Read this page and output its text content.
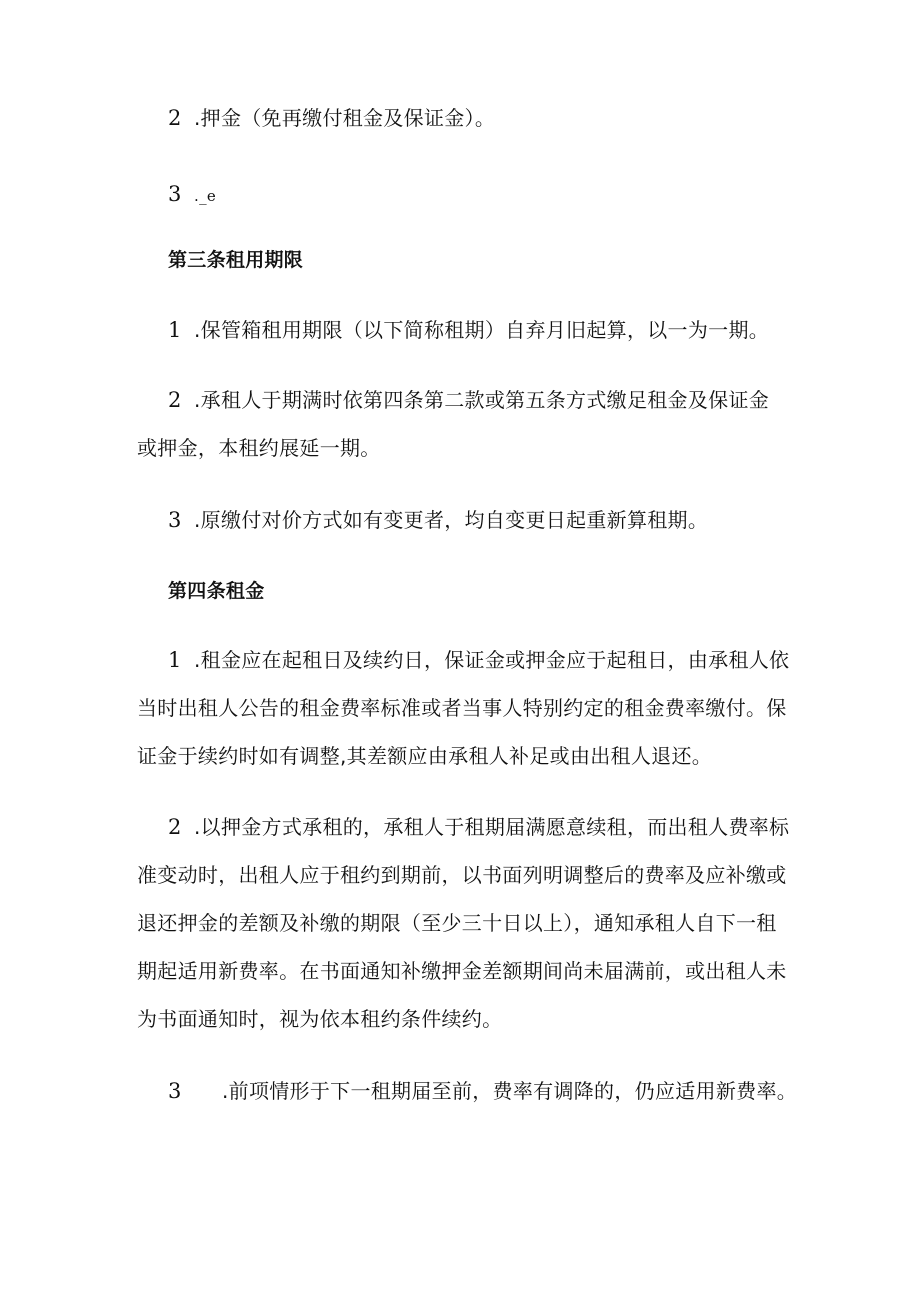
2 .押金（免再缴付租金及保证金）。
3 ._e
第三条租用期限
1 .保管箱租用期限（以下简称租期）自弃月旧起算，以一为一期。
2 .承租人于期满时依第四条第二款或第五条方式缴足租金及保证金
或押金，本租约展延一期。
3 .原缴付对价方式如有变更者，均自变更日起重新算租期。
第四条租金
1 .租金应在起租日及续约日，保证金或押金应于起租日，由承租人依
当时出租人公告的租金费率标准或者当事人特别约定的租金费率缴付。保
证金于续约时如有调整,其差额应由承租人补足或由出租人退还。
2 .以押金方式承租的，承租人于租期届满愿意续租，而出租人费率标
准变动时，出租人应于租约到期前，以书面列明调整后的费率及应补缴或
退还押金的差额及补缴的期限（至少三十日以上），通知承租人自下一租
期起适用新费率。在书面通知补缴押金差额期间尚未届满前，或出租人未
为书面通知时，视为依本租约条件续约。
3 .前项情形于下一租期届至前，费率有调降的，仍应适用新费率。
